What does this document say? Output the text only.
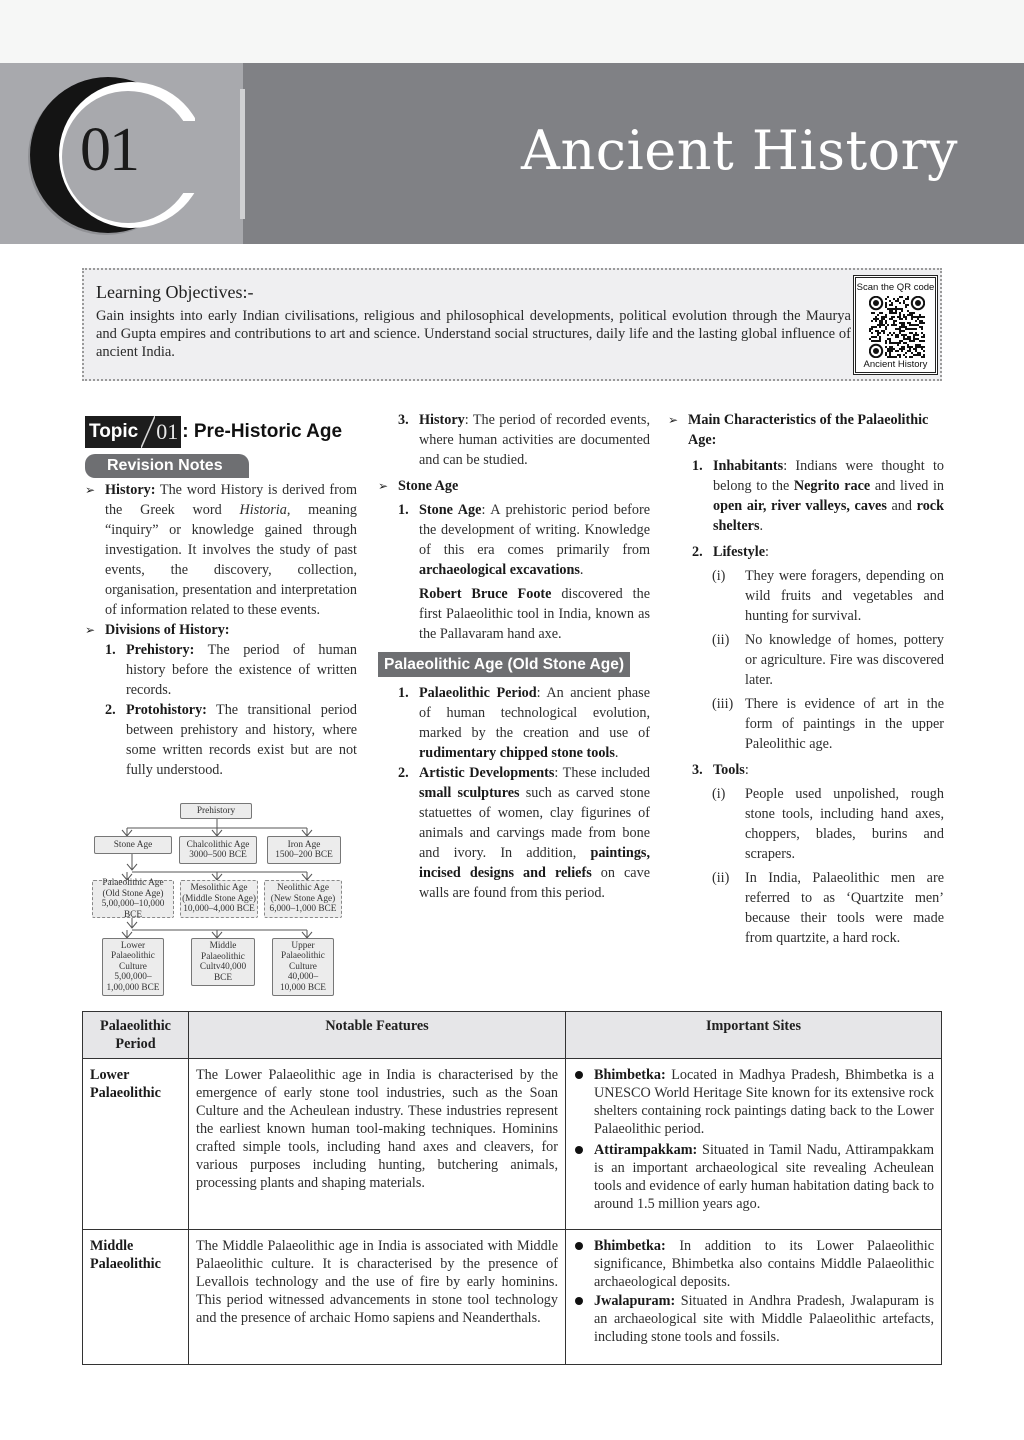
01	Ancient History
Learning Objectives:-
Gain insights into early Indian civilisations, religious and philosophical developments, political evolution through the Maurya and Gupta empires and contributions to art and science. Understand social structures, daily life and the lasting global influence of ancient India.
Scan the QR code
Ancient History
Topic 01 : Pre-Historic Age
Revision Notes
➢ History: The word History is derived from the Greek word Historia, meaning “inquiry” or knowledge gained through investigation. It involves the study of past events, the discovery, collection, organisation, presentation and interpretation of information related to these events.
➢ Divisions of History:
1. Prehistory: The period of human history before the existence of written records.
2. Protohistory: The transitional period between prehistory and history, where some written records exist but are not fully understood.
Prehistory
Stone Age	Chalcolithic Age
3000–500 BCE
Iron Age
1500–200 BCE
Palaeolithic Age
(Old Stone Age)
5,00,000–10,000 BCE
Mesolithic Age
(Middle Stone Age)
10,000–4,000 BCE
Neolithic Age
(New Stone Age)
6,000–1,000 BCE
Lower
Palaeolithic
Culture
5,00,000–
1,00,000 BCE
Middle
Palaeolithic
Cultv40,000
BCE
Upper
Palaeolithic
Culture
40,000–
10,000 BCE
3. History: The period of recorded events, where human activities are documented and can be studied.
➢ Stone Age
1. Stone Age: A prehistoric period before the development of writing. Knowledge of this era comes primarily from archaeological excavations.
Robert Bruce Foote discovered the first Palaeolithic tool in India, known as the Pallavaram hand axe.
Palaeolithic Age (Old Stone Age)
1. Palaeolithic Period: An ancient phase of human technological evolution, marked by the creation and use of rudimentary chipped stone tools.
2. Artistic Developments: These included small sculptures such as carved stone statuettes of women, clay figurines of animals and carvings made from bone and ivory. In addition, paintings, incised designs and reliefs on cave walls are found from this period.
➢ Main Characteristics of the Palaeolithic Age:
1. Inhabitants: Indians were thought to belong to the Negrito race and lived in open air, river valleys, caves and rock shelters.
2. Lifestyle:
(i) They were foragers, depending on wild fruits and vegetables and hunting for survival.
(ii) No knowledge of homes, pottery or agriculture. Fire was discovered later.
(iii) There is evidence of art in the form of paintings in the upper Paleolithic age.
3. Tools:
(i) People used unpolished, rough stone tools, including hand axes, choppers, blades, burins and scrapers.
(ii) In India, Palaeolithic men are referred to as ‘Quartzite men’ because their tools were made from quartzite, a hard rock.
Palaeolithic Period	Notable Features	Important Sites
Lower Palaeolithic	The Lower Palaeolithic age in India is characterised by the emergence of early stone tool industries, such as the Soan Culture and the Acheulean industry. These industries represent the earliest known human tool-making techniques. Hominins crafted simple tools, including hand axes and cleavers, for various purposes including hunting, butchering animals, processing plants and shaping materials.	
Bhimbetka: Located in Madhya Pradesh, Bhimbetka is a UNESCO World Heritage Site known for its extensive rock shelters containing rock paintings dating back to the Lower Palaeolithic period.
Attirampakkam: Situated in Tamil Nadu, Attirampakkam is an important archaeological site revealing Acheulean tools and evidence of early human habitation dating back to around 1.5 million years ago.

Middle Palaeolithic	The Middle Palaeolithic age in India is associated with Middle Palaeolithic culture. It is characterised by the presence of Levallois technology and the use of fire by early hominins. This period witnessed advancements in stone tool technology and the presence of archaic Homo sapiens and Neanderthals.	
Bhimbetka: In addition to its Lower Palaeolithic significance, Bhimbetka also contains Middle Palaeolithic archaeological deposits.
Jwalapuram: Situated in Andhra Pradesh, Jwalapuram is an archaeological site with Middle Palaeolithic artefacts, including stone tools and fossils.
